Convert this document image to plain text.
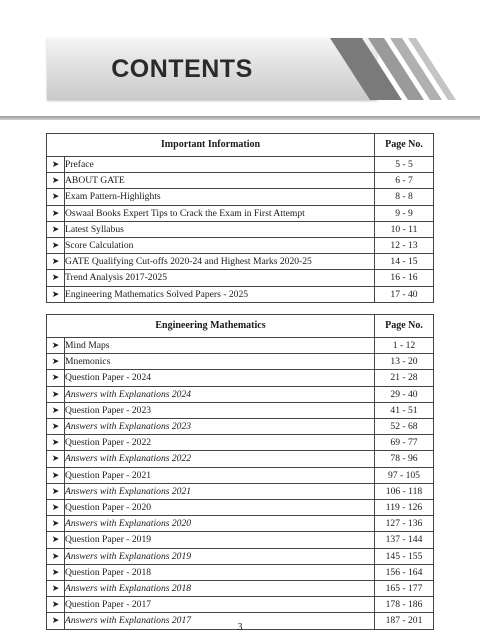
CONTENTS
Important Information		Page No.
➤	Preface	5 - 5
➤	ABOUT GATE	6 - 7
➤	Exam Pattern-Highlights	8 - 8
➤	Oswaal Books Expert Tips to Crack the Exam in First Attempt	9 - 9
➤	Latest Syllabus	10 - 11
➤	Score Calculation	12 - 13
➤	GATE Qualifying Cut-offs 2020-24 and Highest Marks 2020-25	14 - 15
➤	Trend Analysis 2017-2025	16 - 16
➤	Engineering Mathematics Solved Papers - 2025	17 - 40
Engineering Mathematics		Page No.
➤	Mind Maps	1 - 12
➤	Mnemonics	13 - 20
➤	Question Paper - 2024	21 - 28
➤	Answers with Explanations 2024	29 - 40
➤	Question Paper - 2023	41 - 51
➤	Answers with Explanations 2023	52 - 68
➤	Question Paper - 2022	69 - 77
➤	Answers with Explanations 2022	78 - 96
➤	Question Paper - 2021	97 - 105
➤	Answers with Explanations 2021	106 - 118
➤	Question Paper - 2020	119 - 126
➤	Answers with Explanations 2020	127 - 136
➤	Question Paper - 2019	137 - 144
➤	Answers with Explanations 2019	145 - 155
➤	Question Paper - 2018	156 - 164
➤	Answers with Explanations 2018	165 - 177
➤	Question Paper - 2017	178 - 186
➤	Answers with Explanations 2017	187 - 201
3
